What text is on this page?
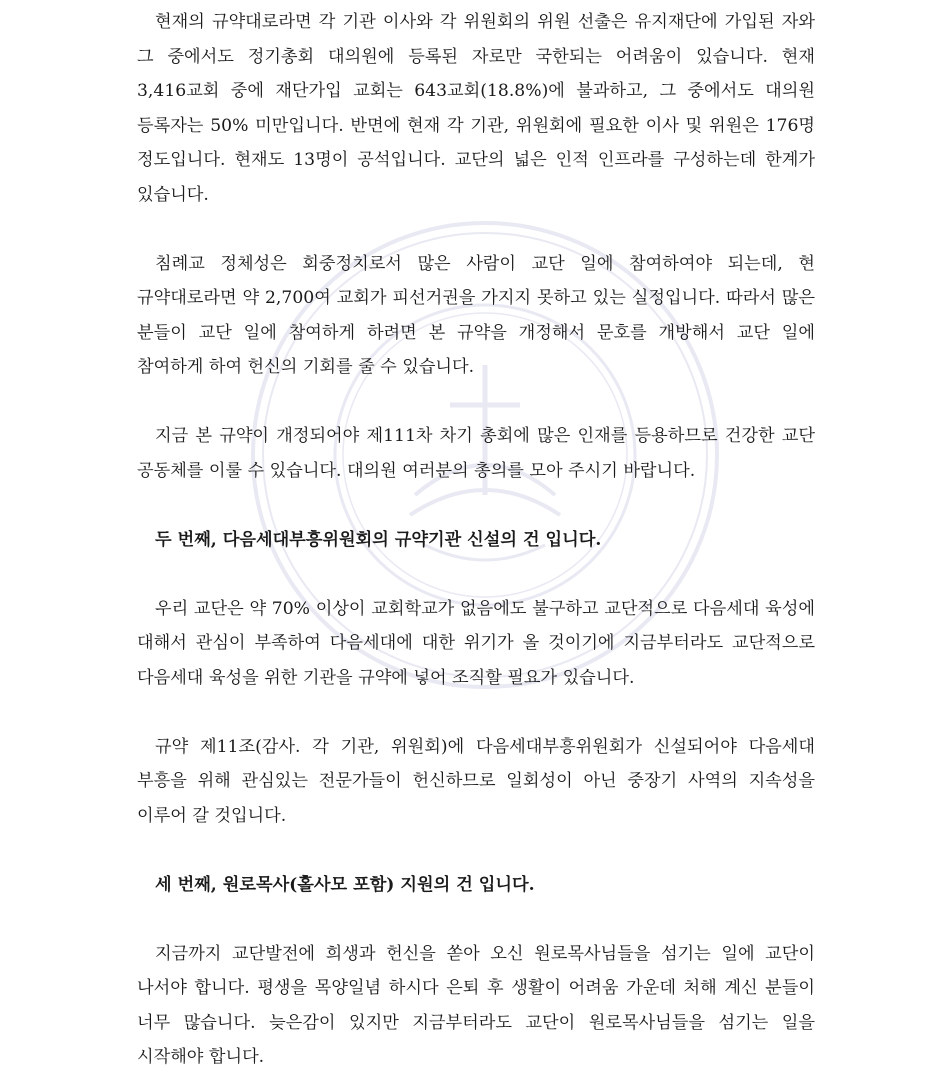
현재의 규약대로라면 각 기관 이사와 각 위원회의 위원 선출은 유지재단에 가입된 자와 그 중에서도 정기총회 대의원에 등록된 자로만 국한되는 어려움이 있습니다. 현재 3,416교회 중에 재단가입 교회는 643교회(18.8%)에 불과하고, 그 중에서도 대의원 등록자는 50% 미만입니다. 반면에 현재 각 기관, 위원회에 필요한 이사 및 위원은 176명 정도입니다. 현재도 13명이 공석입니다. 교단의 넓은 인적 인프라를 구성하는데 한계가 있습니다.

침례교 정체성은 회중정치로서 많은 사람이 교단 일에 참여하여야 되는데, 현 규약대로라면 약 2,700여 교회가 피선거권을 가지지 못하고 있는 실정입니다. 따라서 많은 분들이 교단 일에 참여하게 하려면 본 규약을 개정해서 문호를 개방해서 교단 일에 참여하게 하여 헌신의 기회를 줄 수 있습니다.

지금 본 규약이 개정되어야 제111차 차기 총회에 많은 인재를 등용하므로 건강한 교단 공동체를 이룰 수 있습니다. 대의원 여러분의 총의를 모아 주시기 바랍니다.

두 번째, 다음세대부흥위원회의 규약기관 신설의 건 입니다.

우리 교단은 약 70% 이상이 교회학교가 없음에도 불구하고 교단적으로 다음세대 육성에 대해서 관심이 부족하여 다음세대에 대한 위기가 올 것이기에 지금부터라도 교단적으로 다음세대 육성을 위한 기관을 규약에 넣어 조직할 필요가 있습니다.

규약 제11조(감사. 각 기관, 위원회)에 다음세대부흥위원회가 신설되어야 다음세대 부흥을 위해 관심있는 전문가들이 헌신하므로 일회성이 아닌 중장기 사역의 지속성을 이루어 갈 것입니다.

세 번째, 원로목사(홀사모 포함) 지원의 건 입니다.

지금까지 교단발전에 희생과 헌신을 쏟아 오신 원로목사님들을 섬기는 일에 교단이 나서야 합니다. 평생을 목양일념 하시다 은퇴 후 생활이 어려움 가운데 처해 계신 분들이 너무 많습니다. 늦은감이 있지만 지금부터라도 교단이 원로목사님들을 섬기는 일을 시작해야 합니다.
